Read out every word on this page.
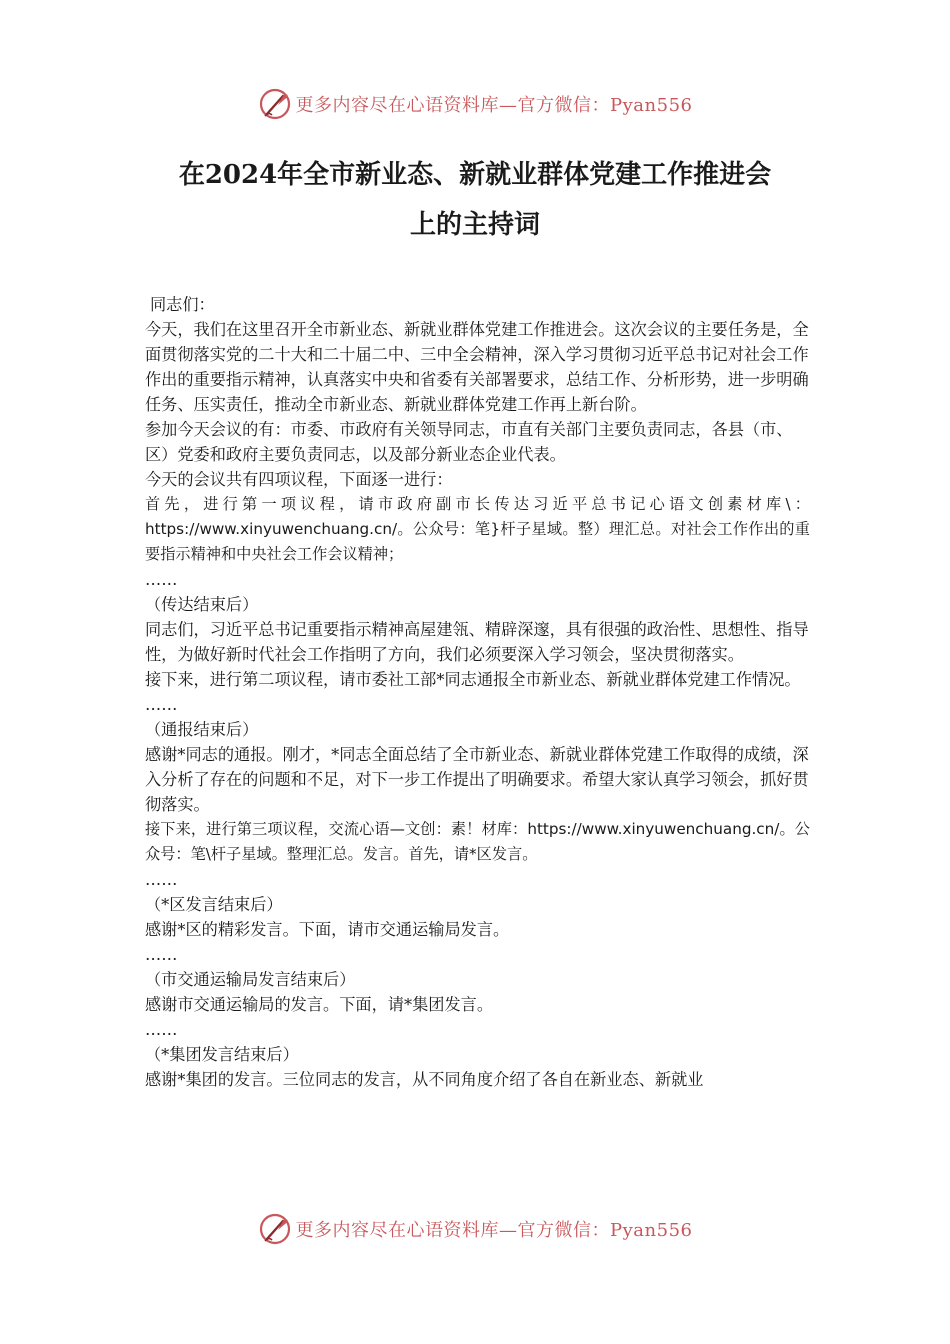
更多内容尽在心语资料库—官方微信：Pyan556
在2024年全市新业态、新就业群体党建工作推进会
上的主持词

同志们：

今天，我们在这里召开全市新业态、新就业群体党建工作推进会。这次会议的主要任务是，全面贯彻落实党的二十大和二十届二中、三中全会精神，深入学习贯彻习近平总书记对社会工作作出的重要指示精神，认真落实中央和省委有关部署要求，总结工作、分析形势，进一步明确任务、压实责任，推动全市新业态、新就业群体党建工作再上新台阶。

参加今天会议的有：市委、市政府有关领导同志，市直有关部门主要负责同志，各县（市、区）党委和政府主要负责同志，以及部分新业态企业代表。

今天的会议共有四项议程，下面逐一进行：

首先，进行第一项议程，请市政府副市长传达习近平总书记心语文创素材库\：https://www.xinyuwenchuang.cn/。公众号：笔}杆子星域。整）理汇总。对社会工作作出的重要指示精神和中央社会工作会议精神；

……

（传达结束后）

同志们，习近平总书记重要指示精神高屋建瓴、精辟深邃，具有很强的政治性、思想性、指导性，为做好新时代社会工作指明了方向，我们必须要深入学习领会，坚决贯彻落实。

接下来，进行第二项议程，请市委社工部*同志通报全市新业态、新就业群体党建工作情况。

……

（通报结束后）

感谢*同志的通报。刚才，*同志全面总结了全市新业态、新就业群体党建工作取得的成绩，深入分析了存在的问题和不足，对下一步工作提出了明确要求。希望大家认真学习领会，抓好贯彻落实。

接下来，进行第三项议程，交流心语—文创：素！材库：https://www.xinyuwenchuang.cn/。公众号：笔\杆子星域。整理汇总。发言。首先，请*区发言。

……

（*区发言结束后）

感谢*区的精彩发言。下面，请市交通运输局发言。

……

（市交通运输局发言结束后）

感谢市交通运输局的发言。下面，请*集团发言。

……

（*集团发言结束后）

感谢*集团的发言。三位同志的发言，从不同角度介绍了各自在新业态、新就业

更多内容尽在心语资料库—官方微信：Pyan556
